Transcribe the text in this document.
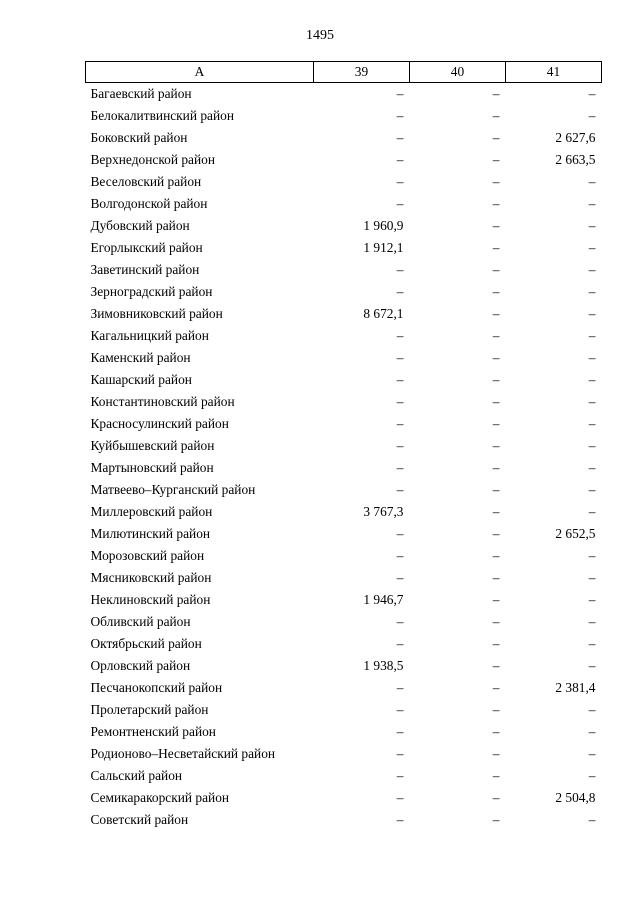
1495
А	39	40	41
Багаевский район	–	–	–
Белокалитвинский район	–	–	–
Боковский район	–	–	2 627,6
Верхнедонской район	–	–	2 663,5
Веселовский район	–	–	–
Волгодонской район	–	–	–
Дубовский район	1 960,9	–	–
Егорлыкский район	1 912,1	–	–
Заветинский район	–	–	–
Зерноградский район	–	–	–
Зимовниковский район	8 672,1	–	–
Кагальницкий район	–	–	–
Каменский район	–	–	–
Кашарский район	–	–	–
Константиновский район	–	–	–
Красносулинский район	–	–	–
Куйбышевский район	–	–	–
Мартыновский район	–	–	–
Матвеево–Курганский район	–	–	–
Миллеровский район	3 767,3	–	–
Милютинский район	–	–	2 652,5
Морозовский район	–	–	–
Мясниковский район	–	–	–
Неклиновский район	1 946,7	–	–
Обливский район	–	–	–
Октябрьский район	–	–	–
Орловский район	1 938,5	–	–
Песчанокопский район	–	–	2 381,4
Пролетарский район	–	–	–
Ремонтненский район	–	–	–
Родионово–Несветайский район	–	–	–
Сальский район	–	–	–
Семикаракорский район	–	–	2 504,8
Советский район	–	–	–
